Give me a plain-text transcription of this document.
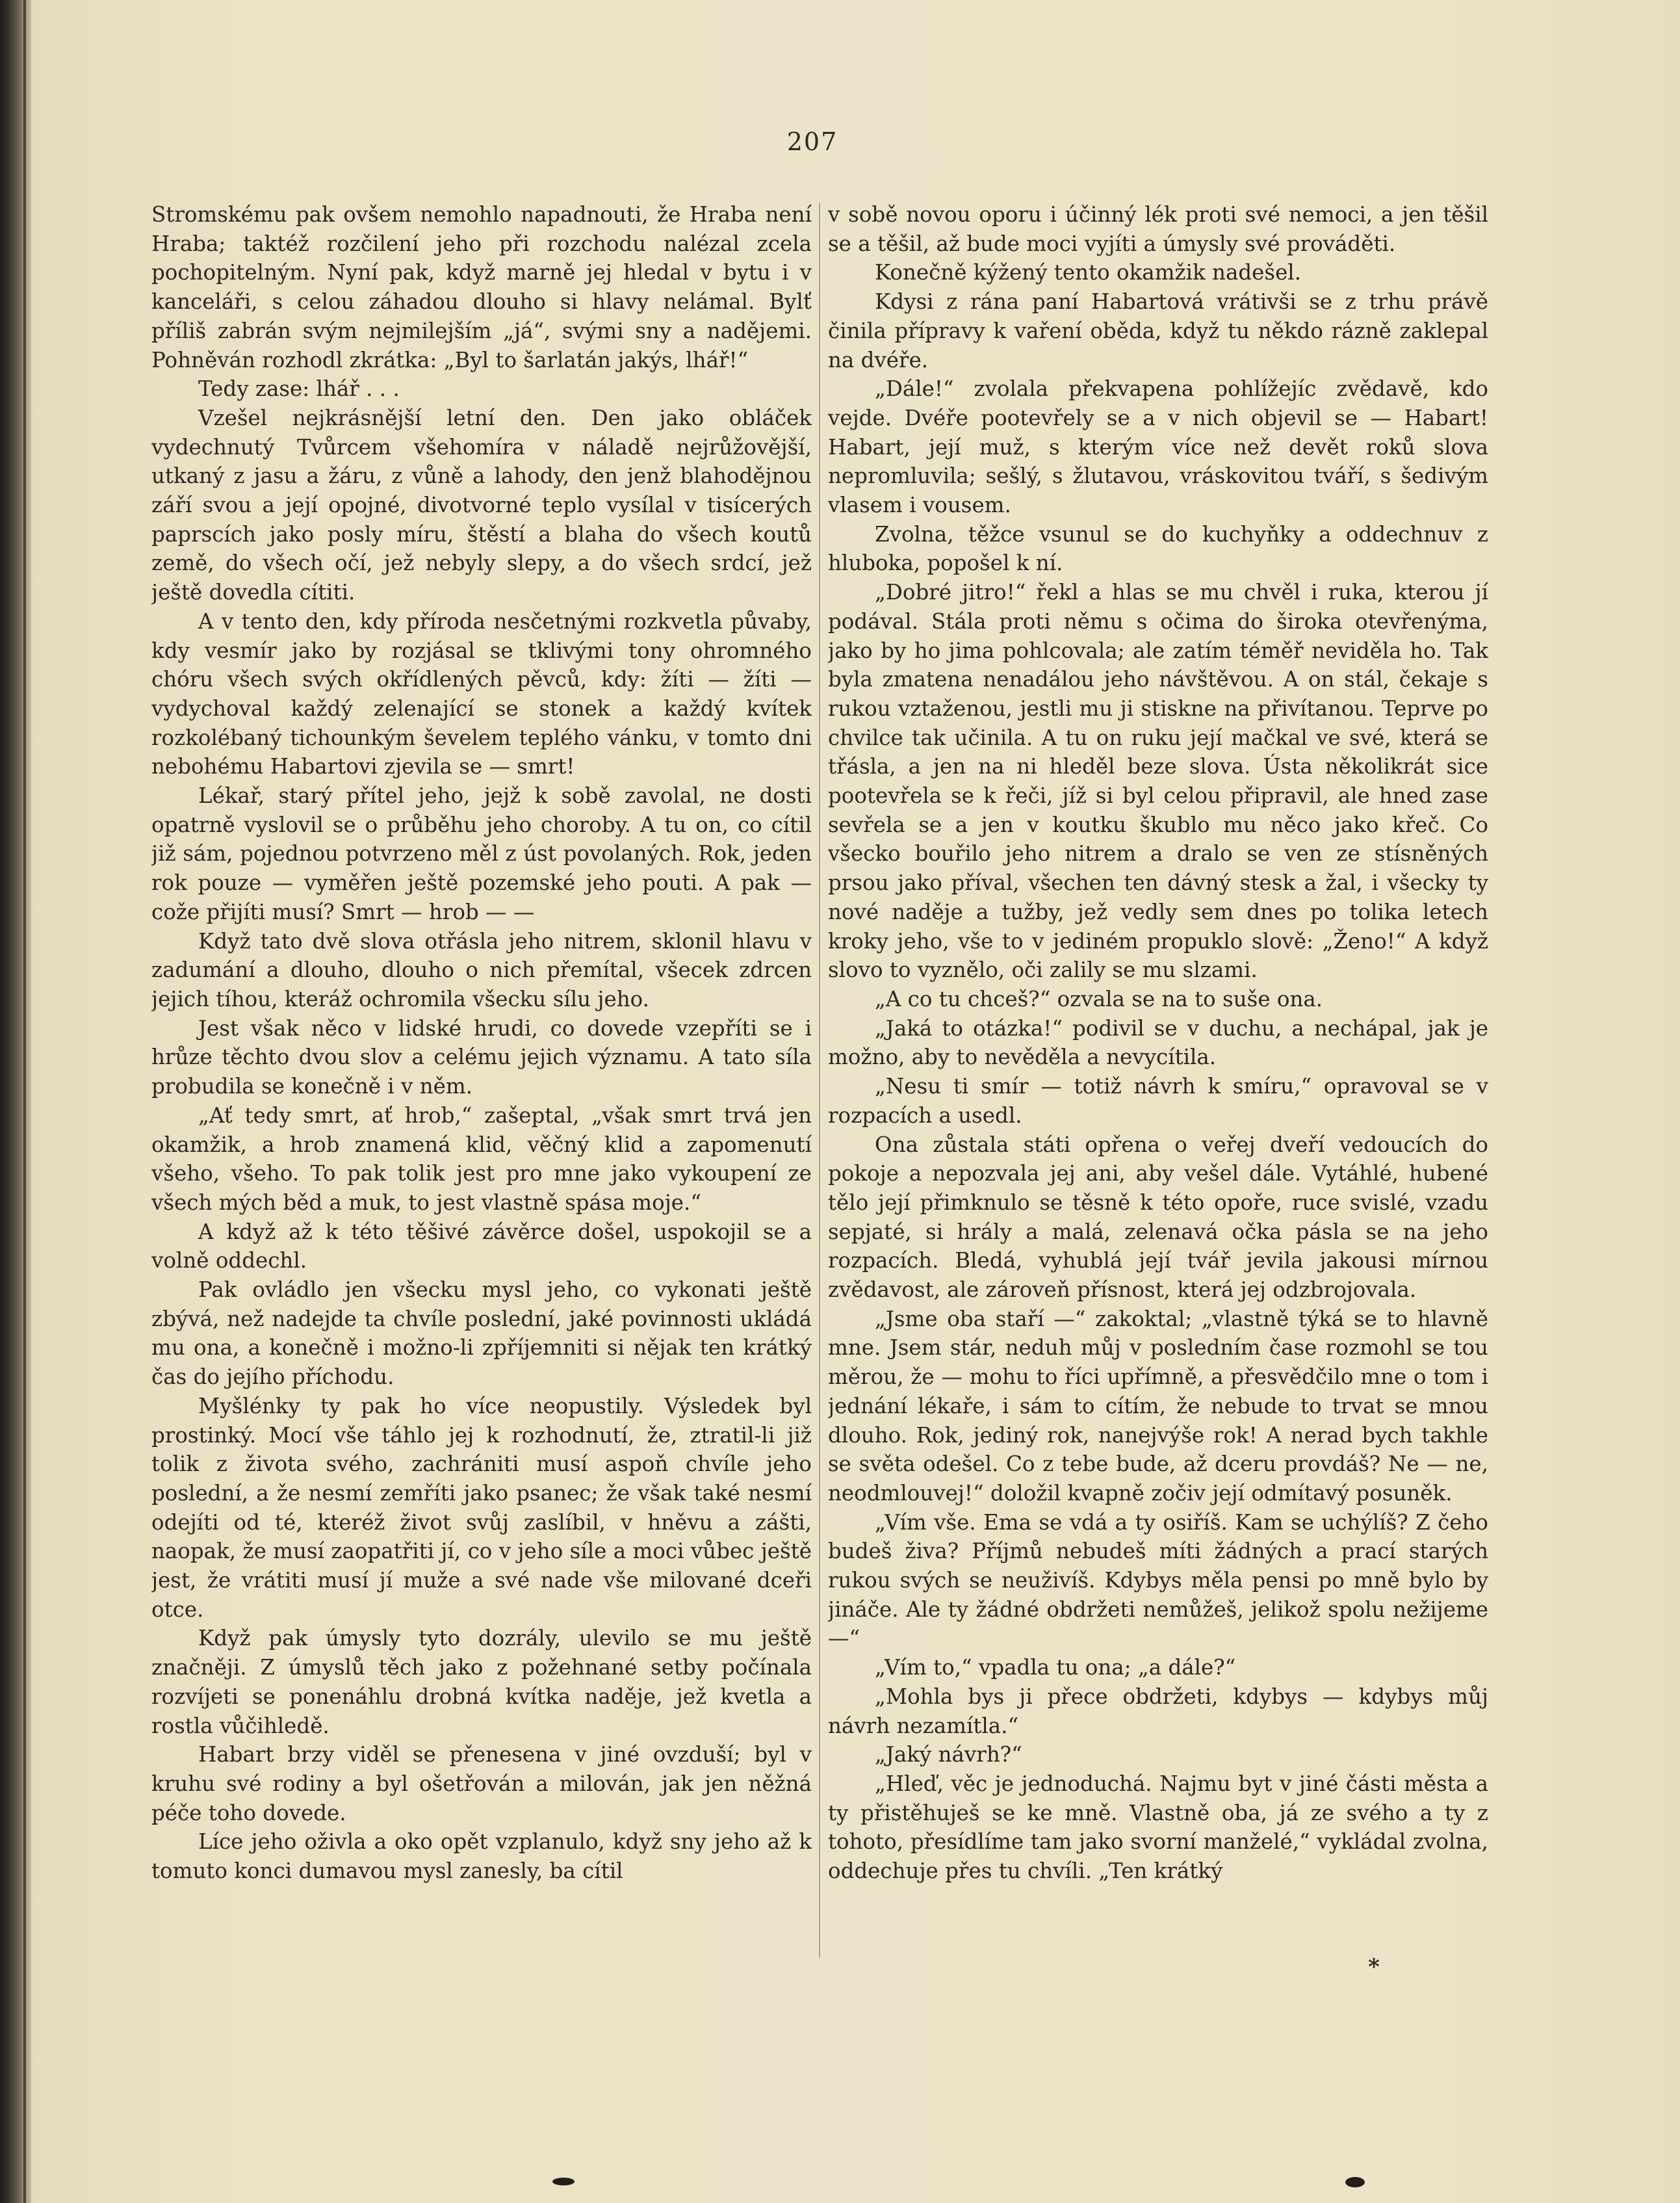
207

Stromskému pak ovšem nemohlo napadnouti, že Hraba není Hraba; taktéž rozčilení jeho při rozchodu nalézal zcela pochopitelným. Nyní pak, když marně jej hledal v bytu i v kanceláři, s celou záhadou dlouho si hlavy nelámal. Bylť příliš zabrán svým nejmilejším „já“, svými sny a nadějemi. Pohněván rozhodl zkrátka: „Byl to šarlatán jakýs, lhář!“

Tedy zase: lhář . . .

Vzešel nejkrásnější letní den. Den jako obláček vydechnutý Tvůrcem všehomíra v náladě nejrůžovější, utkaný z jasu a žáru, z vůně a lahody, den jenž blahodějnou září svou a její opojné, divotvorné teplo vysílal v tisícerých paprscích jako posly míru, štěstí a blaha do všech koutů země, do všech očí, jež nebyly slepy, a do všech srdcí, jež ještě dovedla cítiti.

A v tento den, kdy příroda nesčetnými rozkvetla půvaby, kdy vesmír jako by rozjásal se tklivými tony ohromného chóru všech svých okřídlených pěvců, kdy: žíti — žíti — vydychoval každý zelenající se stonek a každý kvítek rozkolébaný tichounkým ševelem teplého vánku, v tomto dni nebohému Habartovi zjevila se — smrt!

Lékař, starý přítel jeho, jejž k sobě zavolal, ne dosti opatrně vyslovil se o průběhu jeho choroby. A tu on, co cítil již sám, pojednou potvrzeno měl z úst povolaných. Rok, jeden rok pouze — vyměřen ještě pozemské jeho pouti. A pak — cože přijíti musí? Smrt — hrob — —

Když tato dvě slova otřásla jeho nitrem, sklonil hlavu v zadumání a dlouho, dlouho o nich přemítal, všecek zdrcen jejich tíhou, kteráž ochromila všecku sílu jeho.

Jest však něco v lidské hrudi, co dovede vzepříti se i hrůze těchto dvou slov a celému jejich významu. A tato síla probudila se konečně i v něm.

„Ať tedy smrt, ať hrob,“ zašeptal, „však smrt trvá jen okamžik, a hrob znamená klid, věčný klid a zapomenutí všeho, všeho. To pak tolik jest pro mne jako vykoupení ze všech mých běd a muk, to jest vlastně spása moje.“

A když až k této těšivé závěrce došel, uspokojil se a volně oddechl.

Pak ovládlo jen všecku mysl jeho, co vykonati ještě zbývá, než nadejde ta chvíle poslední, jaké povinnosti ukládá mu ona, a konečně i možno-li zpříjemniti si nějak ten krátký čas do jejího příchodu.

Myšlénky ty pak ho více neopustily. Výsledek byl prostinký. Mocí vše táhlo jej k rozhodnutí, že, ztratil-li již tolik z života svého, zachrániti musí aspoň chvíle jeho poslední, a že nesmí zemříti jako psanec; že však také nesmí odejíti od té, kteréž život svůj zaslíbil, v hněvu a zášti, naopak, že musí zaopatřiti jí, co v jeho síle a moci vůbec ještě jest, že vrátiti musí jí muže a své nade vše milované dceři otce.

Když pak úmysly tyto dozrály, ulevilo se mu ještě značněji. Z úmyslů těch jako z požehnané setby počínala rozvíjeti se ponenáhlu drobná kvítka naděje, jež kvetla a rostla vůčihledě.

Habart brzy viděl se přenesena v jiné ovzduší; byl v kruhu své rodiny a byl ošetřován a milován, jak jen něžná péče toho dovede.

Líce jeho oživla a oko opět vzplanulo, když sny jeho až k tomuto konci dumavou mysl zanesly, ba cítil

v sobě novou oporu i účinný lék proti své nemoci, a jen těšil se a těšil, až bude moci vyjíti a úmysly své prováděti.

Konečně kýžený tento okamžik nadešel.

Kdysi z rána paní Habartová vrátivši se z trhu právě činila přípravy k vaření oběda, když tu někdo rázně zaklepal na dvéře.

„Dále!“ zvolala překvapena pohlížejíc zvědavě, kdo vejde. Dvéře pootevřely se a v nich objevil se — Habart! Habart, její muž, s kterým více než devět roků slova nepromluvila; sešlý, s žlutavou, vráskovitou tváří, s šedivým vlasem i vousem.

Zvolna, těžce vsunul se do kuchyňky a oddechnuv z hluboka, popošel k ní.

„Dobré jitro!“ řekl a hlas se mu chvěl i ruka, kterou jí podával. Stála proti němu s očima do široka otevřenýma, jako by ho jima pohlcovala; ale zatím téměř neviděla ho. Tak byla zmatena nenadálou jeho návštěvou. A on stál, čekaje s rukou vztaženou, jestli mu ji stiskne na přivítanou. Teprve po chvilce tak učinila. A tu on ruku její mačkal ve své, která se třásla, a jen na ni hleděl beze slova. Ústa několikrát sice pootevřela se k řeči, jíž si byl celou připravil, ale hned zase sevřela se a jen v koutku škublo mu něco jako křeč. Co všecko bouřilo jeho nitrem a dralo se ven ze stísněných prsou jako příval, všechen ten dávný stesk a žal, i všecky ty nové naděje a tužby, jež vedly sem dnes po tolika letech kroky jeho, vše to v jediném propuklo slově: „Ženo!“ A když slovo to vyznělo, oči zalily se mu slzami.

„A co tu chceš?“ ozvala se na to suše ona.

„Jaká to otázka!“ podivil se v duchu, a nechápal, jak je možno, aby to nevěděla a nevycítila.

„Nesu ti smír — totiž návrh k smíru,“ opravoval se v rozpacích a usedl.

Ona zůstala státi opřena o veřej dveří vedoucích do pokoje a nepozvala jej ani, aby vešel dále. Vytáhlé, hubené tělo její přimknulo se těsně k této opoře, ruce svislé, vzadu sepjaté, si hrály a malá, zelenavá očka pásla se na jeho rozpacích. Bledá, vyhublá její tvář jevila jakousi mírnou zvědavost, ale zároveň přísnost, která jej odzbrojovala.

„Jsme oba staří —“ zakoktal; „vlastně týká se to hlavně mne. Jsem stár, neduh můj v posledním čase rozmohl se tou měrou, že — mohu to říci upřímně, a přesvědčilo mne o tom i jednání lékaře, i sám to cítím, že nebude to trvat se mnou dlouho. Rok, jediný rok, nanejvýše rok! A nerad bych takhle se světa odešel. Co z tebe bude, až dceru provdáš? Ne — ne, neodmlouvej!“ doložil kvapně zočiv její odmítavý posuněk.

„Vím vše. Ema se vdá a ty osiříš. Kam se uchýlíš? Z čeho budeš živa? Příjmů nebudeš míti žádných a prací starých rukou svých se neuživíš. Kdybys měla pensi po mně bylo by jináče. Ale ty žádné obdržeti nemůžeš, jelikož spolu nežijeme —“

„Vím to,“ vpadla tu ona; „a dále?“

„Mohla bys ji přece obdržeti, kdybys — kdybys můj návrh nezamítla.“

„Jaký návrh?“

„Hleď, věc je jednoduchá. Najmu byt v jiné části města a ty přistěhuješ se ke mně. Vlastně oba, já ze svého a ty z tohoto, přesídlíme tam jako svorní manželé,“ vykládal zvolna, oddechuje přes tu chvíli. „Ten krátký

*
